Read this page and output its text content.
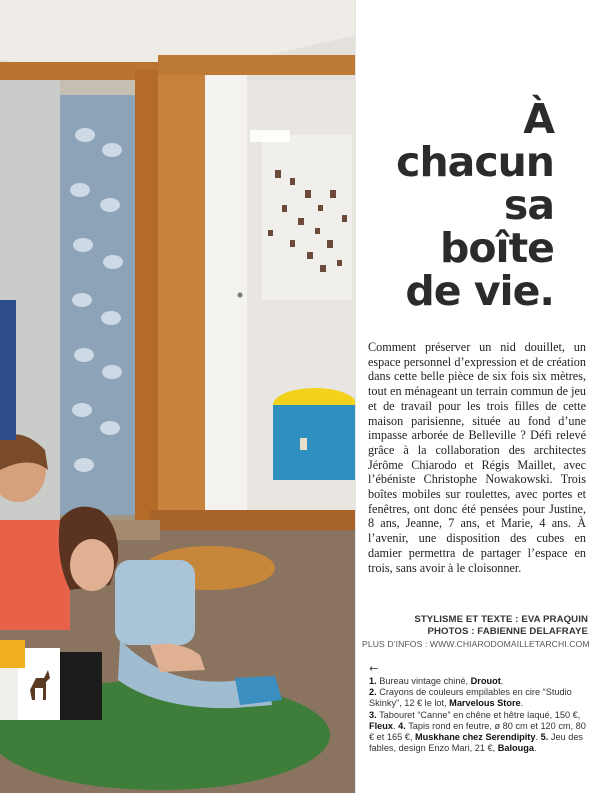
À
chacun
sa
boîte
de vie.
Comment préserver un nid douillet, un espace personnel d’expression et de création dans cette belle pièce de six fois six mètres, tout en ménageant un terrain commun de jeu et de travail pour les trois filles de cette maison parisienne, située au fond d’une impasse arborée de Belleville ? Défi relevé grâce à la collaboration des architectes Jérôme Chiarodo et Régis Maillet, avec l’ébéniste Christophe Nowakowski. Trois boîtes mobiles sur roulettes, avec portes et fenêtres, ont donc été pensées pour Justine, 8 ans, Jeanne, 7 ans, et Marie, 4 ans. À l’avenir, une disposition des cubes en damier permettra de partager l’espace en trois, sans avoir à le cloisonner.
STYLISME ET TEXTE : EVA PRAQUIN
PHOTOS : FABIENNE DELAFRAYE
PLUS D’INFOS : WWW.CHIARODOMAILLETARCHI.COM
←
1. Bureau vintage chiné, Drouot.
2. Crayons de couleurs empilables en cire “Studio Skinky”, 12 € le lot, Marvelous Store.
3. Tabouret “Canne” en chêne et hêtre laqué, 150 €, Fleux. 4. Tapis rond en feutre, ø 80 cm et 120 cm, 80 € et 165 €, Muskhane chez Serendipity. 5. Jeu des fables, design Enzo Mari, 21 €, Balouga.
